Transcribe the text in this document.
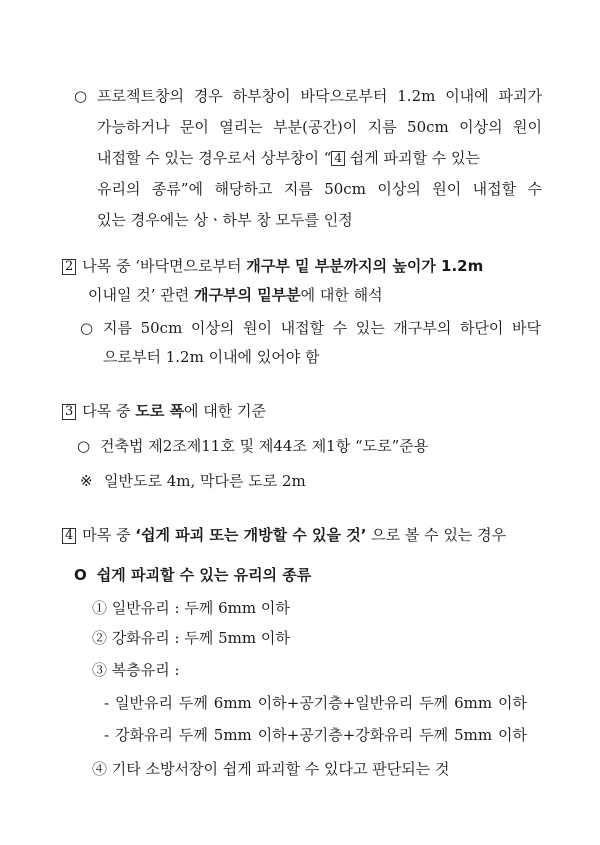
○ 프로젝트창의 경우 하부창이 바닥으로부터 1.2m 이내에 파괴가
가능하거나 문이 열리는 부분(공간)이 지름 50cm 이상의 원이
내접할 수 있는 경우로서 상부창이 “ 4 쉽게 파괴할 수 있는
유리의 종류”에 해당하고 지름 50cm 이상의 원이 내접할 수
있는 경우에는 상ㆍ하부 창 모두를 인정
2 나목 중 ‘바닥면으로부터 개구부 밑 부분까지의 높이가 1.2m
이내일 것’ 관련 개구부의 밑부분에 대한 해석
○ 지름 50cm 이상의 원이 내접할 수 있는 개구부의 하단이 바닥
으로부터 1.2m 이내에 있어야 함
3 다목 중 도로 폭에 대한 기준
○ 건축법 제2조제11호 및 제44조 제1항 “도로”준용
※ 일반도로 4m, 막다른 도로 2m
4 마목 중 ‘쉽게 파괴 또는 개방할 수 있을 것’ 으로 볼 수 있는 경우
O 쉽게 파괴할 수 있는 유리의 종류
① 일반유리 : 두께 6mm 이하
② 강화유리 : 두께 5mm 이하
③ 복층유리 :
- 일반유리 두께 6mm 이하+공기층+일반유리 두께 6mm 이하
- 강화유리 두께 5mm 이하+공기층+강화유리 두께 5mm 이하
④ 기타 소방서장이 쉽게 파괴할 수 있다고 판단되는 것
